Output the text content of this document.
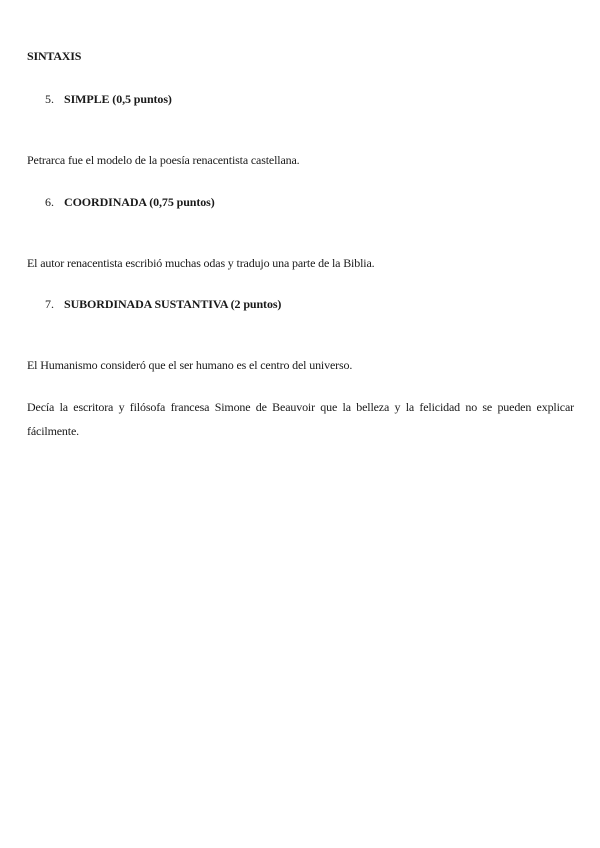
SINTAXIS
5. SIMPLE (0,5 puntos)
Petrarca fue el modelo de la poesía renacentista castellana.
6. COORDINADA (0,75 puntos)
El autor renacentista escribió muchas odas y tradujo una parte de la Biblia.
7. SUBORDINADA SUSTANTIVA (2 puntos)
El Humanismo consideró que el ser humano es el centro del universo.
Decía la escritora y filósofa francesa Simone de Beauvoir que la belleza y la felicidad no se pueden explicar fácilmente.
